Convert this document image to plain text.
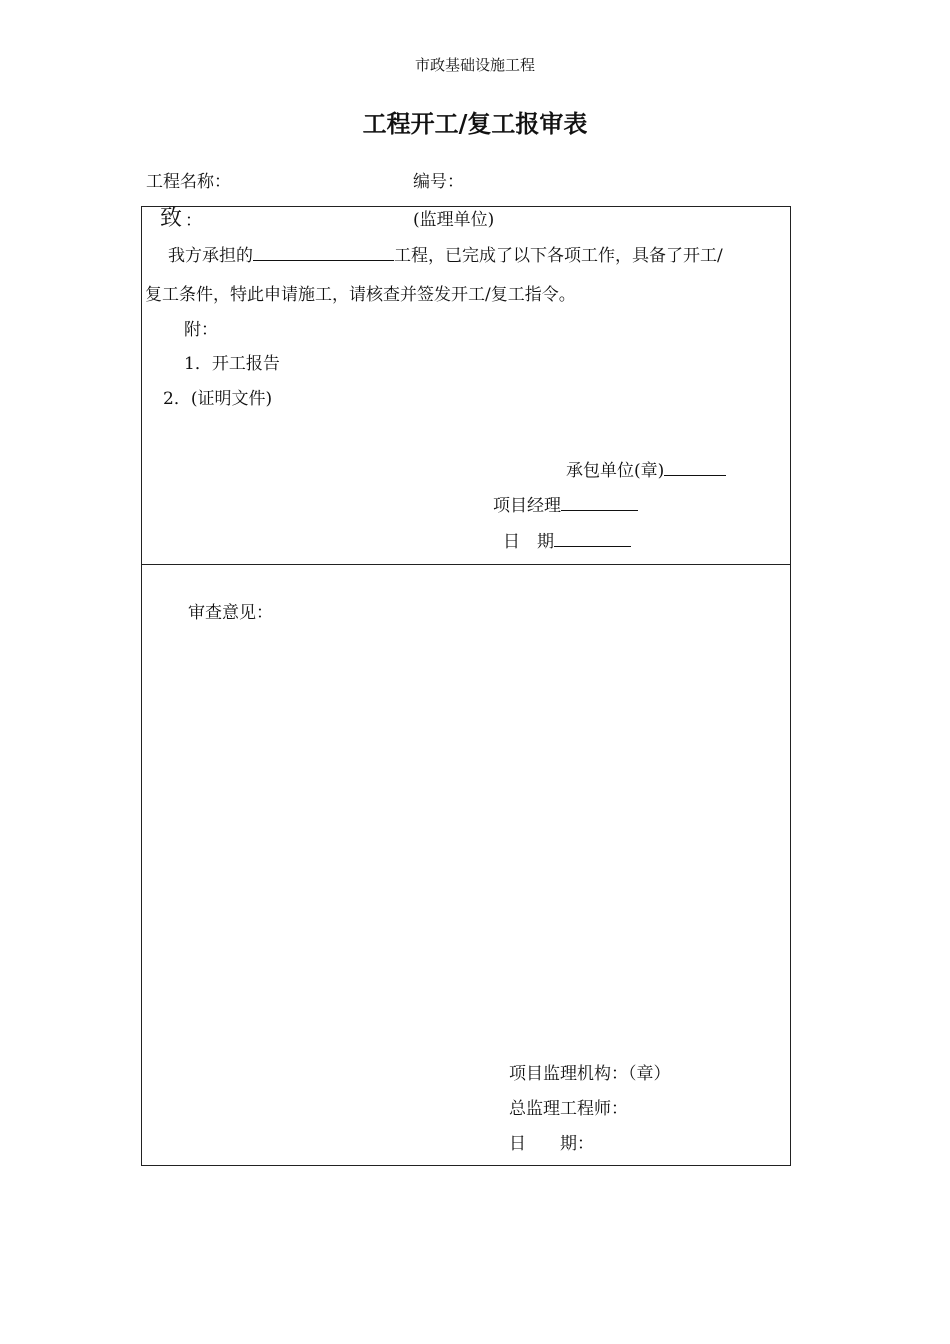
市政基础设施工程
工程开工/复工报审表
工程名称：	编号：
致 ：	(监理单位)
我方承担的	工程，已完成了以下各项工作，具备了开工/
复工条件，特此申请施工，请核查并签发开工/复工指令。
附：
1．开工报告
2．(证明文件)
承包单位(章)
项目经理
日　期
审查意见：
项目监理机构：（章）
总监理工程师：
日　　期：
